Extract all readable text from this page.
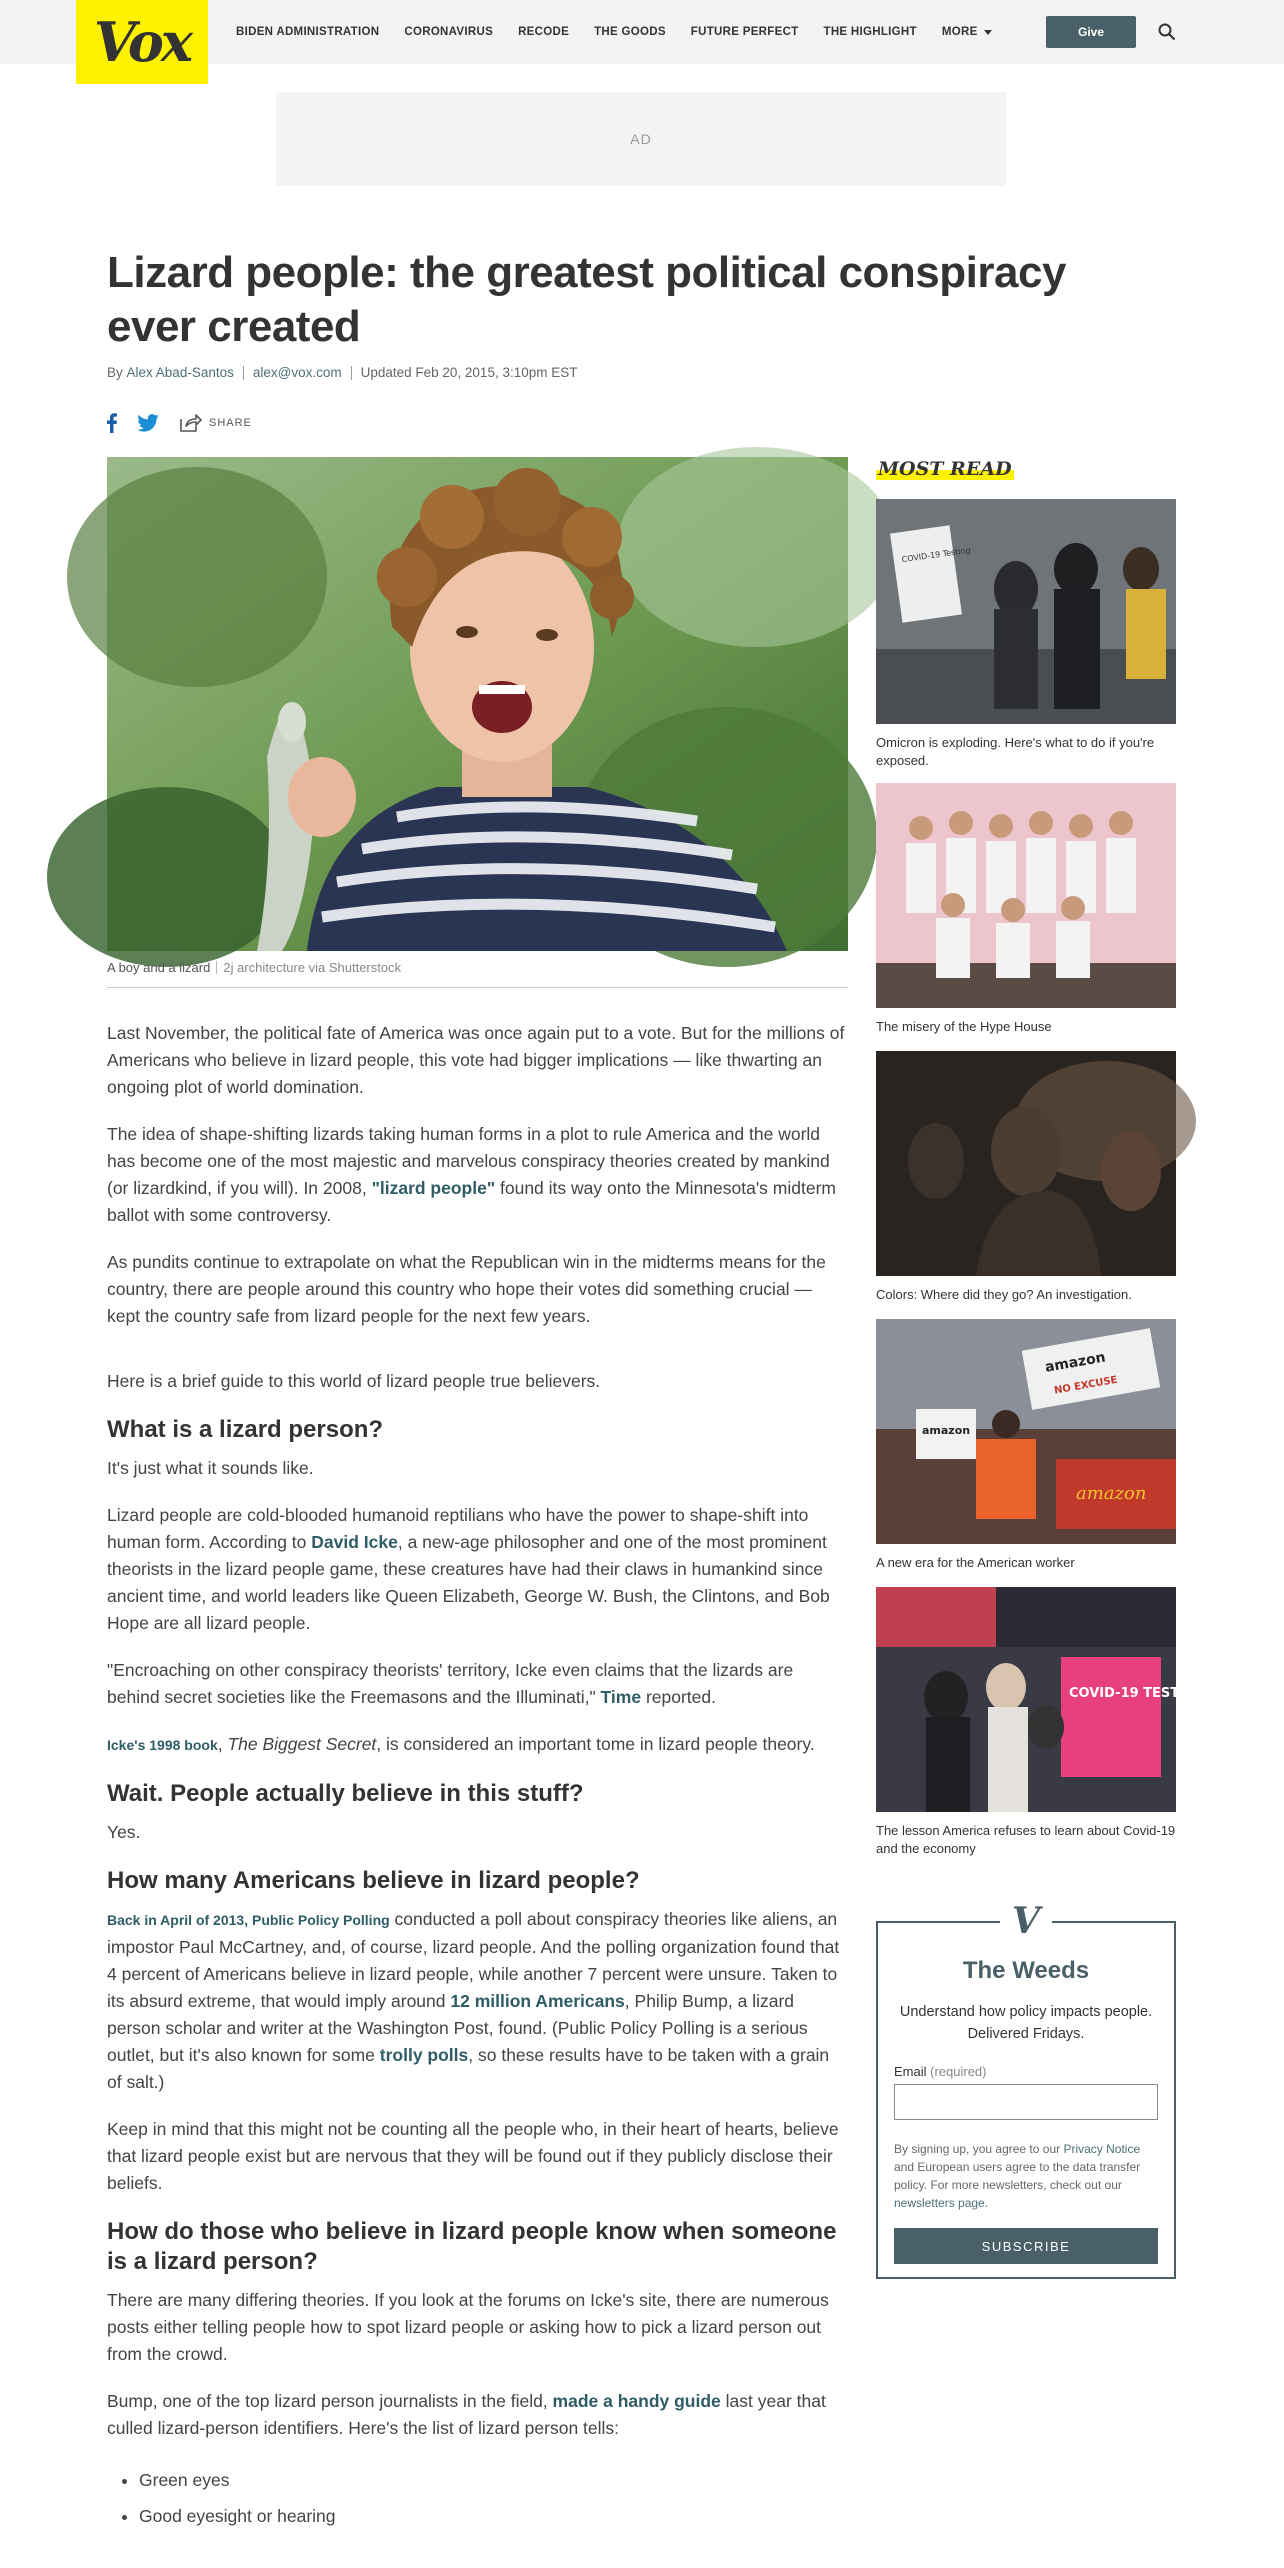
Vox	BIDEN ADMINISTRATION CORONAVIRUS RECODE THE GOODS FUTURE PERFECT THE HIGHLIGHT MORE	Give
AD
Lizard people: the greatest political conspiracy ever created
By
Alex Abad-Santos alex@vox.com Updated Feb 20, 2015, 3:10pm EST
SHARE
A boy and a lizard 2j architecture via Shutterstock

Last November, the political fate of America was once again put to a vote. But for the millions of Americans who believe in lizard people, this vote had bigger implications — like thwarting an ongoing plot of world domination.

The idea of shape-shifting lizards taking human forms in a plot to rule America and the world has become one of the most majestic and marvelous conspiracy theories created by mankind (or lizardkind, if you will). In 2008, "lizard people" found its way onto the Minnesota's midterm ballot with some controversy.

As pundits continue to extrapolate on what the Republican win in the midterms means for the country, there are people around this country who hope their votes did something crucial — kept the country safe from lizard people for the next few years.

Here is a brief guide to this world of lizard people true believers.

What is a lizard person?

It's just what it sounds like.

Lizard people are cold-blooded humanoid reptilians who have the power to shape-shift into human form. According to David Icke, a new-age philosopher and one of the most prominent theorists in the lizard people game, these creatures have had their claws in humankind since ancient time, and world leaders like Queen Elizabeth, George W. Bush, the Clintons, and Bob Hope are all lizard people.

"Encroaching on other conspiracy theorists' territory, Icke even claims that the lizards are behind secret societies like the Freemasons and the Illuminati," Time reported.

Icke's 1998 book, The Biggest Secret, is considered an important tome in lizard people theory.

Wait. People actually believe in this stuff?

Yes.

How many Americans believe in lizard people?

Back in April of 2013, Public Policy Polling conducted a poll about conspiracy theories like aliens, an impostor Paul McCartney, and, of course, lizard people. And the polling organization found that 4 percent of Americans believe in lizard people, while another 7 percent were unsure. Taken to its absurd extreme, that would imply around 12 million Americans, Philip Bump, a lizard person scholar and writer at the Washington Post, found. (Public Policy Polling is a serious outlet, but it's also known for some trolly polls, so these results have to be taken with a grain of salt.)

Keep in mind that this might not be counting all the people who, in their heart of hearts, believe that lizard people exist but are nervous that they will be found out if they publicly disclose their beliefs.

How do those who believe in lizard people know when someone is a lizard person?

There are many differing theories. If you look at the forums on Icke's site, there are numerous posts either telling people how to spot lizard people or asking how to pick a lizard person out from the crowd.

Bump, one of the top lizard person journalists in the field, made a handy guide last year that culled lizard-person identifiers. Here's the list of lizard person tells:

• Green eyes
• Good eyesight or hearing
MOST READ
COVID-19 Testing
Omicron is exploding. Here's what to do if you're exposed.
The misery of the Hype House
Colors: Where did they go? An investigation.
amazon
NO EXCUSE
amazon
amazon
A new era for the American worker
COVID-19 TESTING
The lesson America refuses to learn about Covid-19 and the economy
V
The Weeds
Understand how policy impacts people. Delivered Fridays.
Email (required)
By signing up, you agree to our Privacy Notice and European users agree to the data transfer policy. For more newsletters, check out our newsletters page.
SUBSCRIBE
